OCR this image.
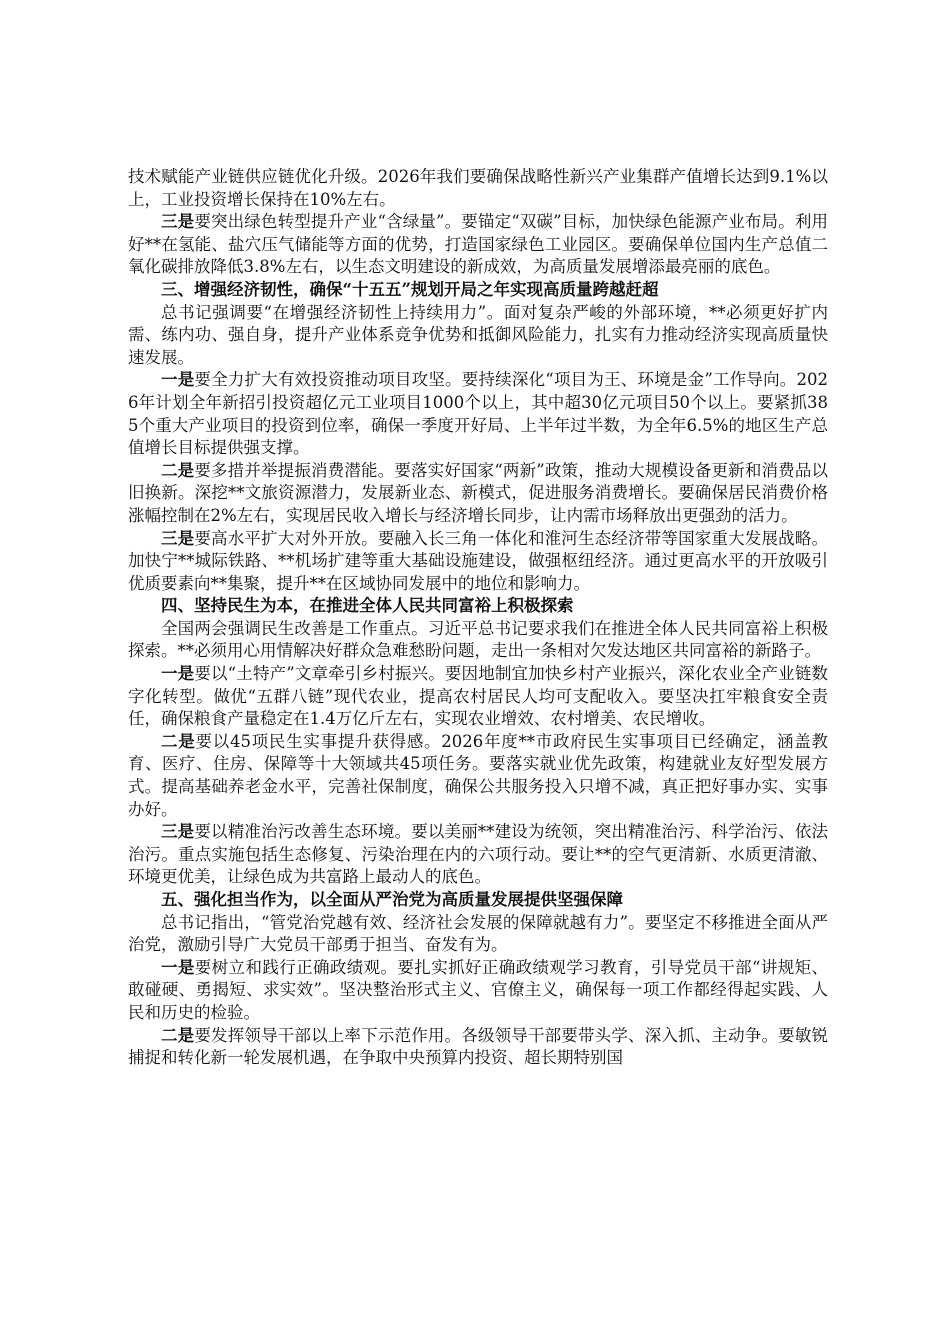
技术赋能产业链供应链优化升级。2026年我们要确保战略性新兴产业集群产值增长达到9.1%以上，工业投资增长保持在10%左右。

三是要突出绿色转型提升产业“含绿量”。要锚定“双碳”目标，加快绿色能源产业布局。利用好**在氢能、盐穴压气储能等方面的优势，打造国家绿色工业园区。要确保单位国内生产总值二氧化碳排放降低3.8%左右，以生态文明建设的新成效，为高质量发展增添最亮丽的底色。

三、增强经济韧性，确保“十五五”规划开局之年实现高质量跨越赶超

总书记强调要“在增强经济韧性上持续用力”。面对复杂严峻的外部环境，**必须更好扩内需、练内功、强自身，提升产业体系竞争优势和抵御风险能力，扎实有力推动经济实现高质量快速发展。

一是要全力扩大有效投资推动项目攻坚。要持续深化“项目为王、环境是金”工作导向。2026年计划全年新招引投资超亿元工业项目1000个以上，其中超30亿元项目50个以上。要紧抓385个重大产业项目的投资到位率，确保一季度开好局、上半年过半数，为全年6.5%的地区生产总值增长目标提供强支撑。

二是要多措并举提振消费潜能。要落实好国家“两新”政策，推动大规模设备更新和消费品以旧换新。深挖**文旅资源潜力，发展新业态、新模式，促进服务消费增长。要确保居民消费价格涨幅控制在2%左右，实现居民收入增长与经济增长同步，让内需市场释放出更强劲的活力。

三是要高水平扩大对外开放。要融入长三角一体化和淮河生态经济带等国家重大发展战略。加快宁**城际铁路、**机场扩建等重大基础设施建设，做强枢纽经济。通过更高水平的开放吸引优质要素向**集聚，提升**在区域协同发展中的地位和影响力。

四、坚持民生为本，在推进全体人民共同富裕上积极探索

全国两会强调民生改善是工作重点。习近平总书记要求我们在推进全体人民共同富裕上积极探索。**必须用心用情解决好群众急难愁盼问题，走出一条相对欠发达地区共同富裕的新路子。

一是要以“土特产”文章牵引乡村振兴。要因地制宜加快乡村产业振兴，深化农业全产业链数字化转型。做优“五群八链”现代农业，提高农村居民人均可支配收入。要坚决扛牢粮食安全责任，确保粮食产量稳定在1.4万亿斤左右，实现农业增效、农村增美、农民增收。

二是要以45项民生实事提升获得感。2026年度**市政府民生实事项目已经确定，涵盖教育、医疗、住房、保障等十大领域共45项任务。要落实就业优先政策，构建就业友好型发展方式。提高基础养老金水平，完善社保制度，确保公共服务投入只增不减，真正把好事办实、实事办好。

三是要以精准治污改善生态环境。要以美丽**建设为统领，突出精准治污、科学治污、依法治污。重点实施包括生态修复、污染治理在内的六项行动。要让**的空气更清新、水质更清澈、环境更优美，让绿色成为共富路上最动人的底色。

五、强化担当作为，以全面从严治党为高质量发展提供坚强保障

总书记指出，“管党治党越有效、经济社会发展的保障就越有力”。要坚定不移推进全面从严治党，激励引导广大党员干部勇于担当、奋发有为。

一是要树立和践行正确政绩观。要扎实抓好正确政绩观学习教育，引导党员干部“讲规矩、敢碰硬、勇揭短、求实效”。坚决整治形式主义、官僚主义，确保每一项工作都经得起实践、人民和历史的检验。

二是要发挥领导干部以上率下示范作用。各级领导干部要带头学、深入抓、主动争。要敏锐捕捉和转化新一轮发展机遇，在争取中央预算内投资、超长期特别国
